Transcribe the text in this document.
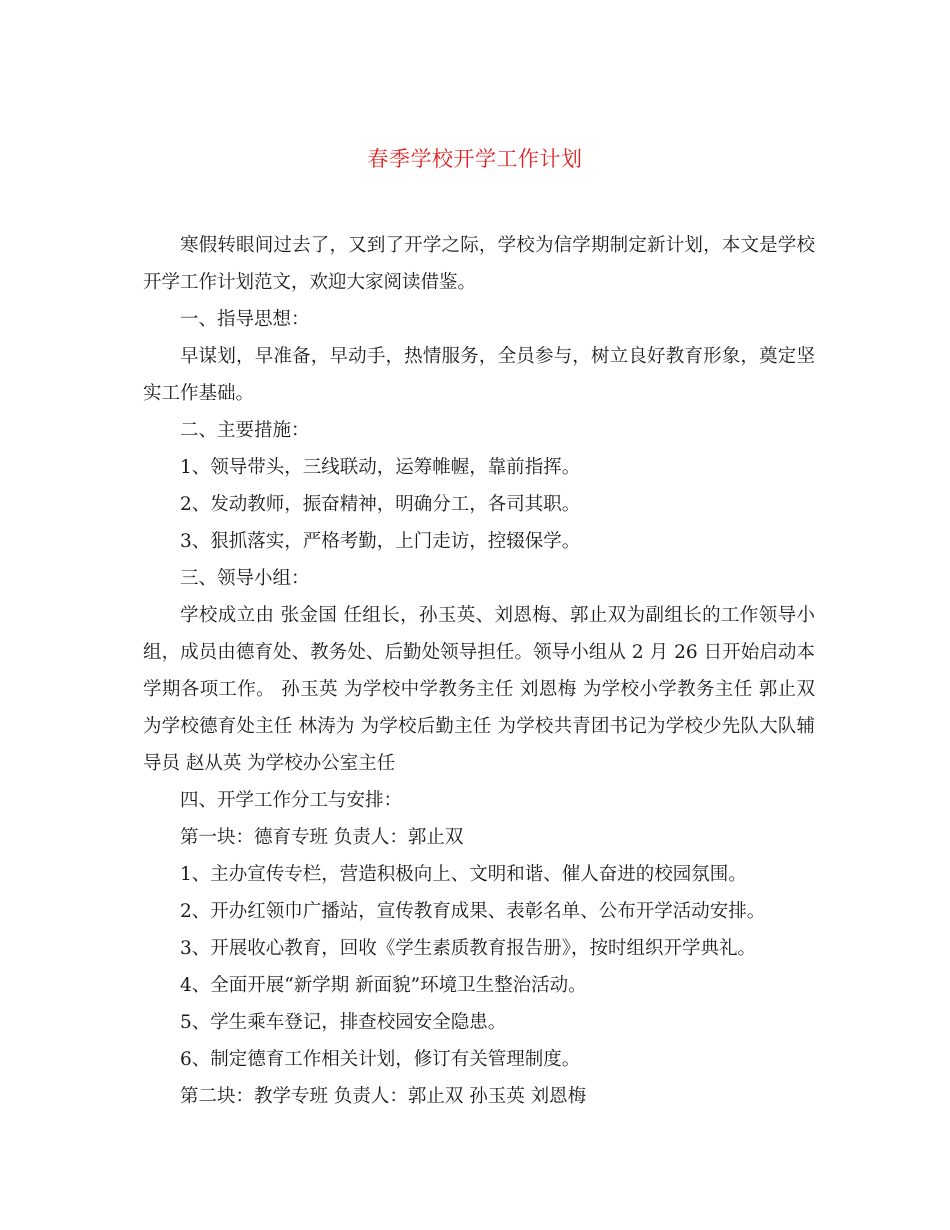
春季学校开学工作计划

寒假转眼间过去了，又到了开学之际，学校为信学期制定新计划，本文是学校开学工作计划范文，欢迎大家阅读借鉴。

一、指导思想：

早谋划，早准备，早动手，热情服务，全员参与，树立良好教育形象，奠定坚实工作基础。

二、主要措施：

1、领导带头，三线联动，运筹帷幄，靠前指挥。

2、发动教师，振奋精神，明确分工，各司其职。

3、狠抓落实，严格考勤，上门走访，控辍保学。

三、领导小组：

学校成立由 张金国 任组长，孙玉英、刘恩梅、郭止双为副组长的工作领导小组，成员由德育处、教务处、后勤处领导担任。领导小组从 2 月 26 日开始启动本学期各项工作。 孙玉英 为学校中学教务主任 刘恩梅 为学校小学教务主任 郭止双为学校德育处主任 林涛为 为学校后勤主任 为学校共青团书记为学校少先队大队辅导员 赵从英 为学校办公室主任

四、开学工作分工与安排：

第一块：德育专班 负责人：郭止双

1、主办宣传专栏，营造积极向上、文明和谐、催人奋进的校园氛围。

2、开办红领巾广播站，宣传教育成果、表彰名单、公布开学活动安排。

3、开展收心教育，回收《学生素质教育报告册》，按时组织开学典礼。

4、全面开展“新学期 新面貌”环境卫生整治活动。

5、学生乘车登记，排查校园安全隐患。

6、制定德育工作相关计划，修订有关管理制度。

第二块：教学专班 负责人：郭止双 孙玉英 刘恩梅
